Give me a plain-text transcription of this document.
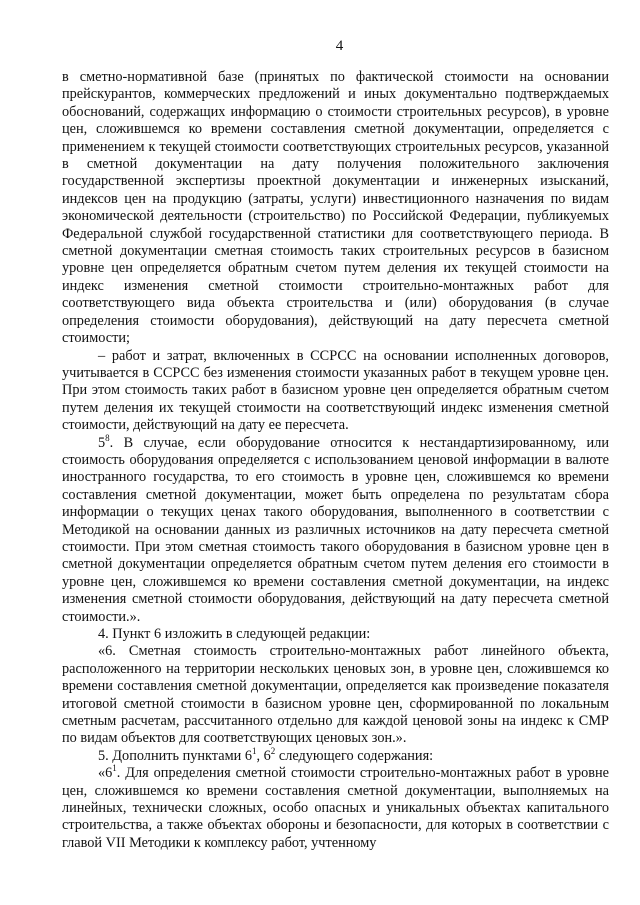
4

в сметно-нормативной базе (принятых по фактической стоимости на основании прейскурантов, коммерческих предложений и иных документально подтверждаемых обоснований, содержащих информацию о стоимости строительных ресурсов), в уровне цен, сложившемся ко времени составления сметной документации, определяется с применением к текущей стоимости соответствующих строительных ресурсов, указанной в сметной документации на дату получения положительного заключения государственной экспертизы проектной документации и инженерных изысканий, индексов цен на продукцию (затраты, услуги) инвестиционного назначения по видам экономической деятельности (строительство) по Российской Федерации, публикуемых Федеральной службой государственной статистики для соответствующего периода. В сметной документации сметная стоимость таких строительных ресурсов в базисном уровне цен определяется обратным счетом путем деления их текущей стоимости на индекс изменения сметной стоимости строительно-монтажных работ для соответствующего вида объекта строительства и (или) оборудования (в случае определения стоимости оборудования), действующий на дату пересчета сметной стоимости;

– работ и затрат, включенных в ССРСС на основании исполненных договоров, учитывается в ССРСС без изменения стоимости указанных работ в текущем уровне цен. При этом стоимость таких работ в базисном уровне цен определяется обратным счетом путем деления их текущей стоимости на соответствующий индекс изменения сметной стоимости, действующий на дату ее пересчета.

$5^8$. В случае, если оборудование относится к нестандартизированному, или стоимость оборудования определяется с использованием ценовой информации в валюте иностранного государства, то его стоимость в уровне цен, сложившемся ко времени составления сметной документации, может быть определена по результатам сбора информации о текущих ценах такого оборудования, выполненного в соответствии с Методикой на основании данных из различных источников на дату пересчета сметной стоимости. При этом сметная стоимость такого оборудования в базисном уровне цен в сметной документации определяется обратным счетом путем деления его стоимости в уровне цен, сложившемся ко времени составления сметной документации, на индекс изменения сметной стоимости оборудования, действующий на дату пересчета сметной стоимости.».

4. Пункт 6 изложить в следующей редакции:

«6. Сметная стоимость строительно-монтажных работ линейного объекта, расположенного на территории нескольких ценовых зон, в уровне цен, сложившемся ко времени составления сметной документации, определяется как произведение показателя итоговой сметной стоимости в базисном уровне цен, сформированной по локальным сметным расчетам, рассчитанного отдельно для каждой ценовой зоны на индекс к СМР по видам объектов для соответствующих ценовых зон.».

5. Дополнить пунктами $6^1$, $6^2$ следующего содержания:

«$6^1$. Для определения сметной стоимости строительно-монтажных работ в уровне цен, сложившемся ко времени составления сметной документации, выполняемых на линейных, технически сложных, особо опасных и уникальных объектах капитального строительства, а также объектах обороны и безопасности, для которых в соответствии с главой VII Методики к комплексу работ, учтенному
